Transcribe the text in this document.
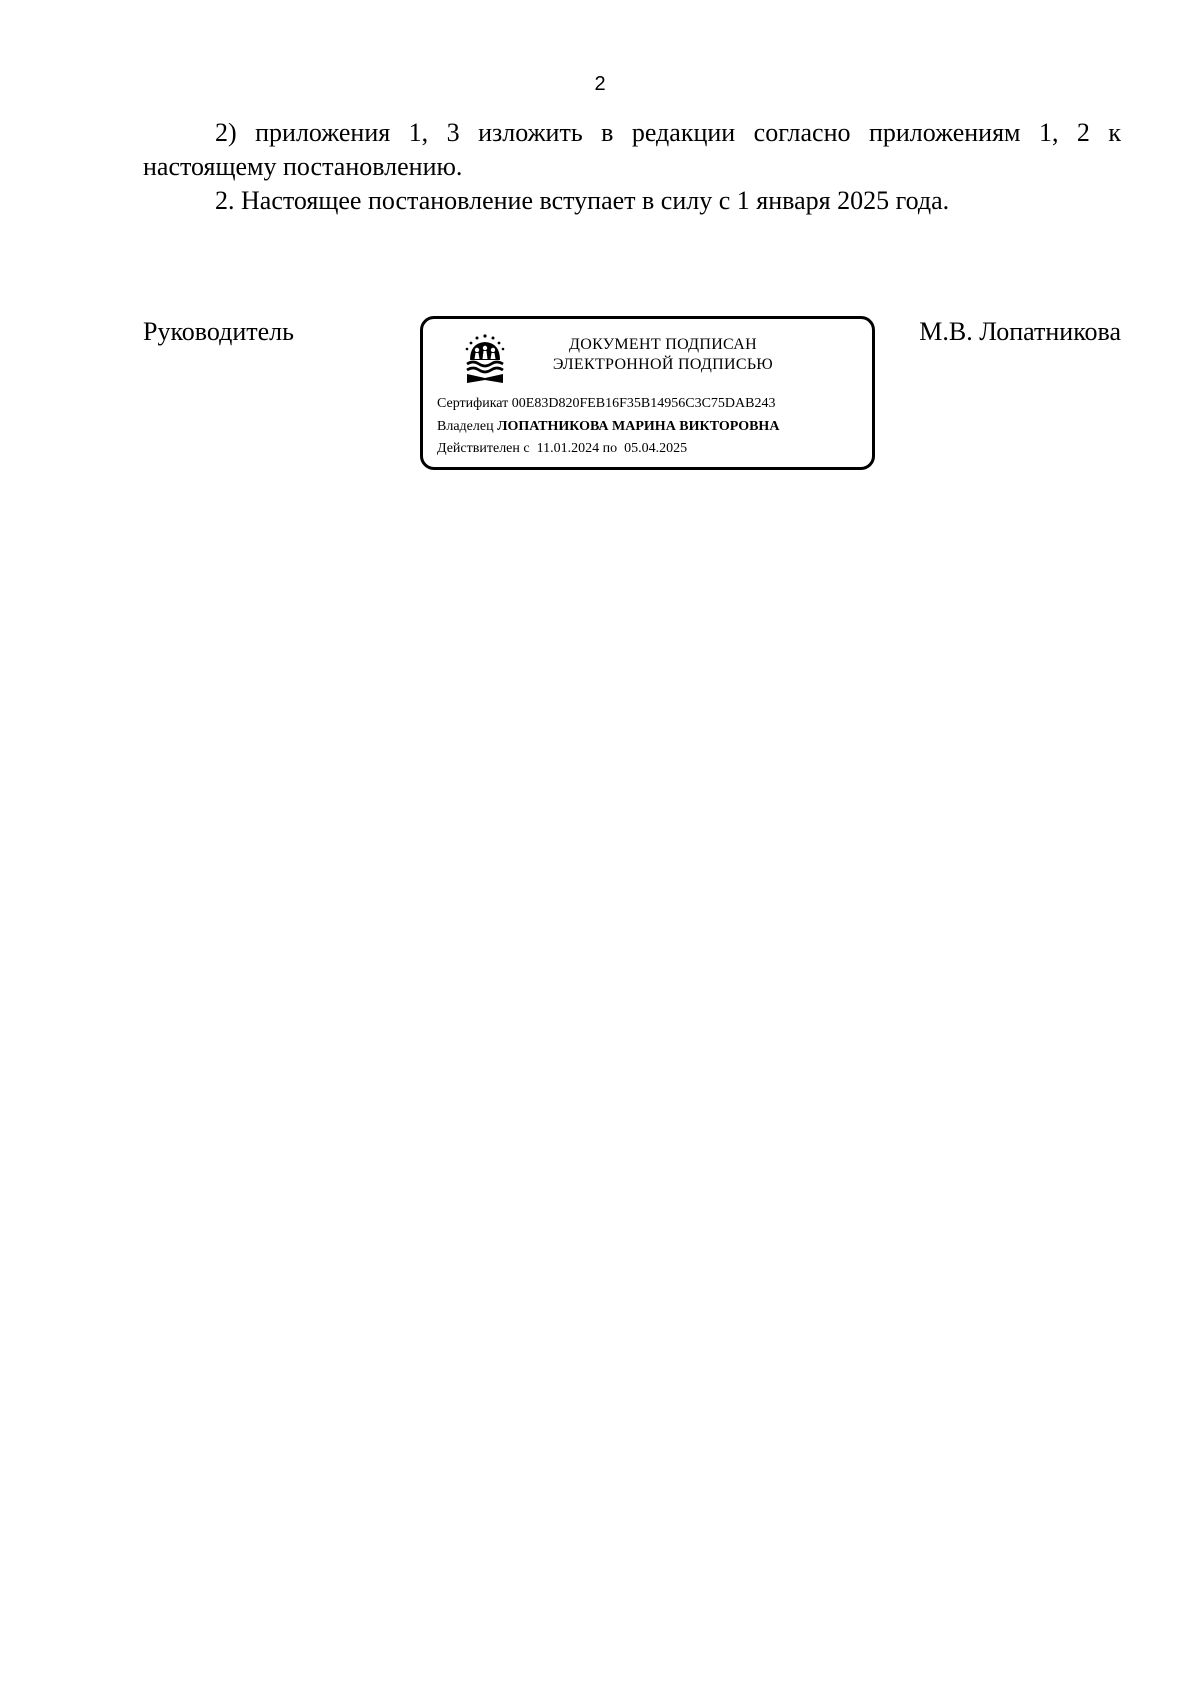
2

2) приложения 1, 3 изложить в редакции согласно приложениям 1, 2 к настоящему постановлению.

2. Настоящее постановление вступает в силу с 1 января 2025 года.

Руководитель	ДОКУМЕНТ ПОДПИСАН
ЭЛЕКТРОННОЙ ПОДПИСЬЮ
Сертификат 00E83D820FEB16F35B14956C3C75DAB243
Владелец ЛОПАТНИКОВА МАРИНА ВИКТОРОВНА
Действителен с 11.01.2024 по 05.04.2025
М.В. Лопатникова
